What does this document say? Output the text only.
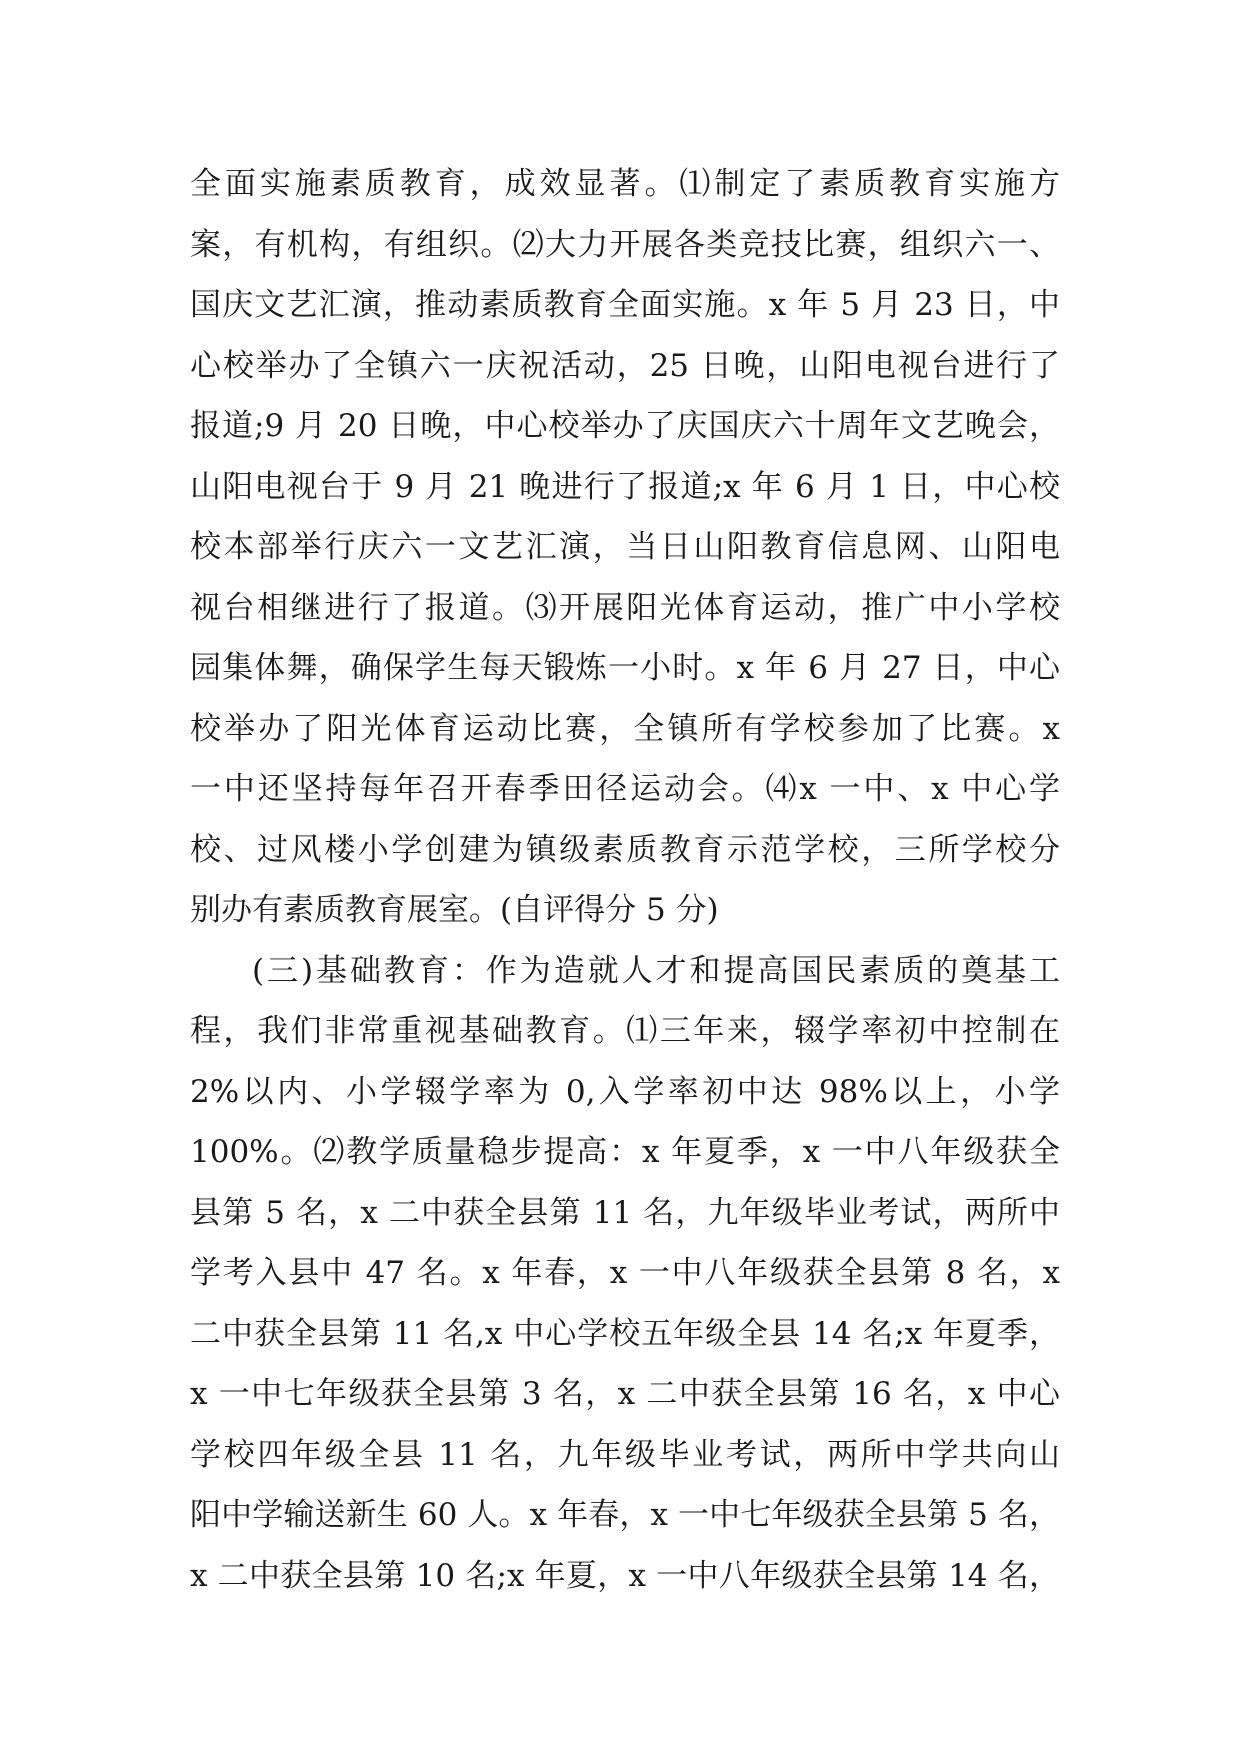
全面实施素质教育，成效显著。⑴制定了素质教育实施方
案，有机构，有组织。⑵大力开展各类竞技比赛，组织六一、
国庆文艺汇演，推动素质教育全面实施。x 年 5 月 23 日，中
心校举办了全镇六一庆祝活动，25 日晚，山阳电视台进行了
报道;9 月 20 日晚，中心校举办了庆国庆六十周年文艺晚会，
山阳电视台于 9 月 21 晚进行了报道;x 年 6 月 1 日，中心校
校本部举行庆六一文艺汇演，当日山阳教育信息网、山阳电
视台相继进行了报道。⑶开展阳光体育运动，推广中小学校
园集体舞，确保学生每天锻炼一小时。x 年 6 月 27 日，中心
校举办了阳光体育运动比赛，全镇所有学校参加了比赛。x
一中还坚持每年召开春季田径运动会。⑷x 一中、x 中心学
校、过风楼小学创建为镇级素质教育示范学校，三所学校分
别办有素质教育展室。(自评得分 5 分)
(三)基础教育：作为造就人才和提高国民素质的奠基工
程，我们非常重视基础教育。⑴三年来，辍学率初中控制在
2%以内、小学辍学率为 0,入学率初中达 98%以上，小学
100%。⑵教学质量稳步提高：x 年夏季，x 一中八年级获全
县第 5 名，x 二中获全县第 11 名，九年级毕业考试，两所中
学考入县中 47 名。x 年春，x 一中八年级获全县第 8 名，x
二中获全县第 11 名,x 中心学校五年级全县 14 名;x 年夏季，
x 一中七年级获全县第 3 名，x 二中获全县第 16 名，x 中心
学校四年级全县 11 名，九年级毕业考试，两所中学共向山
阳中学输送新生 60 人。x 年春，x 一中七年级获全县第 5 名，
x 二中获全县第 10 名;x 年夏，x 一中八年级获全县第 14 名，
